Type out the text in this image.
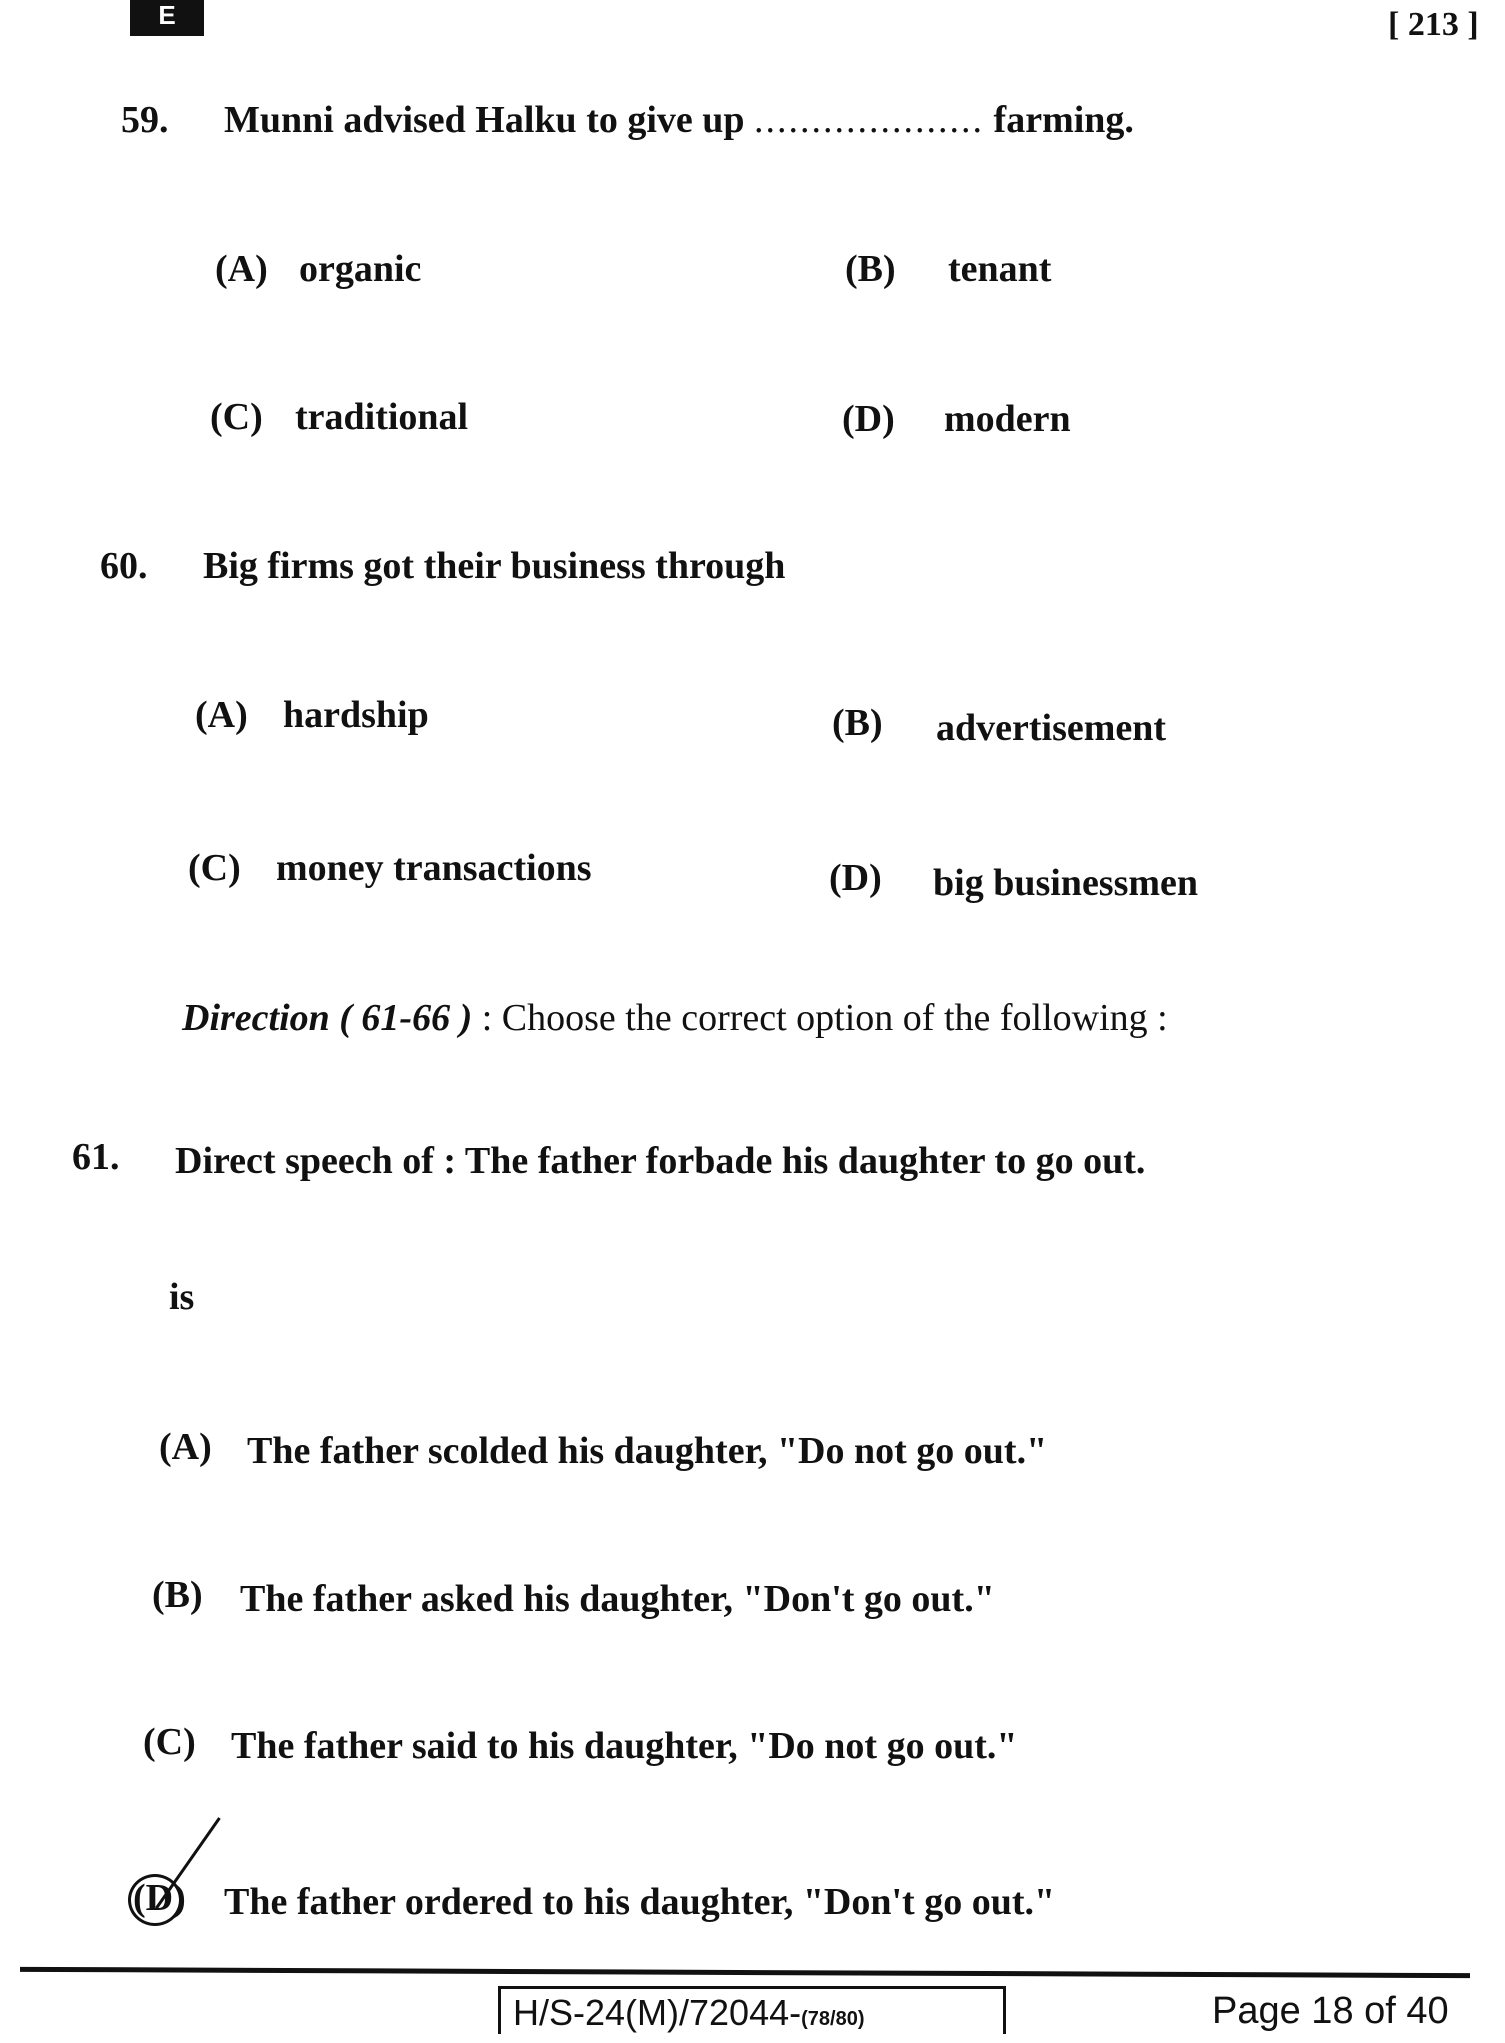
E	[ 213 ]
59. Munni advised Halku to give up .................... farming.
(A) organic	(B) tenant
(C) traditional	(D) modern
60. Big firms got their business through
(A) hardship	(B) advertisement
(C) money transactions	(D) big businessmen
Direction ( 61-66 ) : Choose the correct option of the following :
61. Direct speech of : The father forbade his daughter to go out.
is
(A) The father scolded his daughter, "Do not go out."
(B) The father asked his daughter, "Don't go out."
(C) The father said to his daughter, "Do not go out."
(D) The father ordered to his daughter, "Don't go out."
H/S-24(M)/72044-(78/80)	Page 18 of 40
